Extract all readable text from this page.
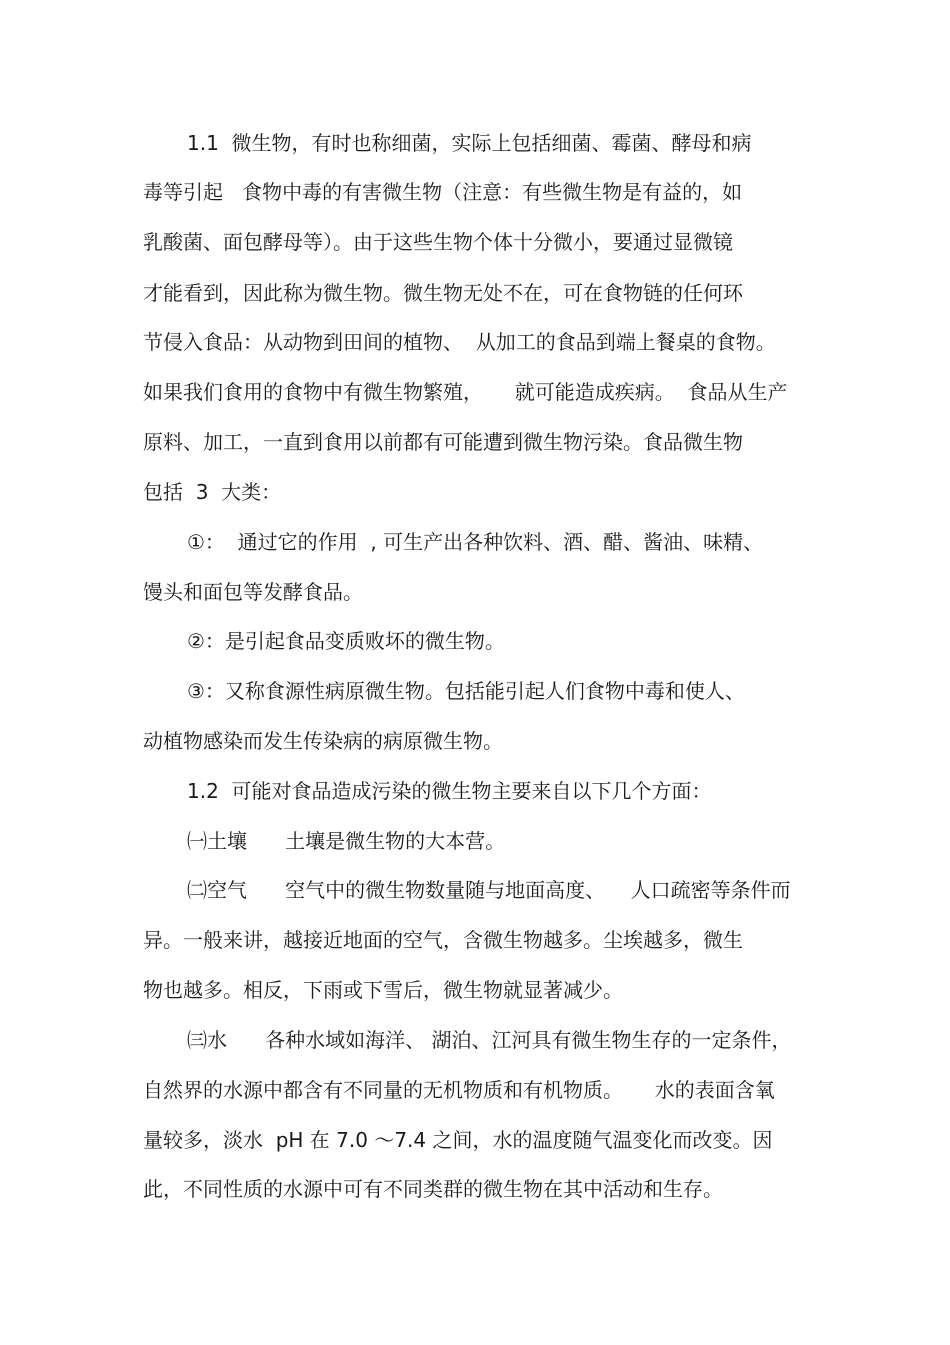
1.1  微生物，有时也称细菌，实际上包括细菌、霉菌、酵母和病
毒等引起   食物中毒的有害微生物（注意：有些微生物是有益的，如
乳酸菌、面包酵母等）。由于这些生物个体十分微小，要通过显微镜
才能看到，因此称为微生物。微生物无处不在，可在食物链的任何环
节侵入食品：从动物到田间的植物、  从加工的食品到端上餐桌的食物。
如果我们食用的食物中有微生物繁殖，     就可能造成疾病。  食品从生产
原料、加工，一直到食用以前都有可能遭到微生物污染。食品微生物
包括  3  大类：
①：  通过它的作用  , 可生产出各种饮料、酒、醋、酱油、味精、
馒头和面包等发酵食品。
②：是引起食品变质败坏的微生物。
③：又称食源性病原微生物。包括能引起人们食物中毒和使人、
动植物感染而发生传染病的病原微生物。
1.2  可能对食品造成污染的微生物主要来自以下几个方面：
㈠土壤      土壤是微生物的大本营。
㈡空气      空气中的微生物数量随与地面高度、    人口疏密等条件而
异。一般来讲，越接近地面的空气，含微生物越多。尘埃越多，微生
物也越多。相反，下雨或下雪后，微生物就显著减少。
㈢水      各种水域如海洋、 湖泊、江河具有微生物生存的一定条件，
自然界的水源中都含有不同量的无机物质和有机物质。     水的表面含氧
量较多，淡水  pH 在 7.0 ～7.4 之间，水的温度随气温变化而改变。因
此，不同性质的水源中可有不同类群的微生物在其中活动和生存。
